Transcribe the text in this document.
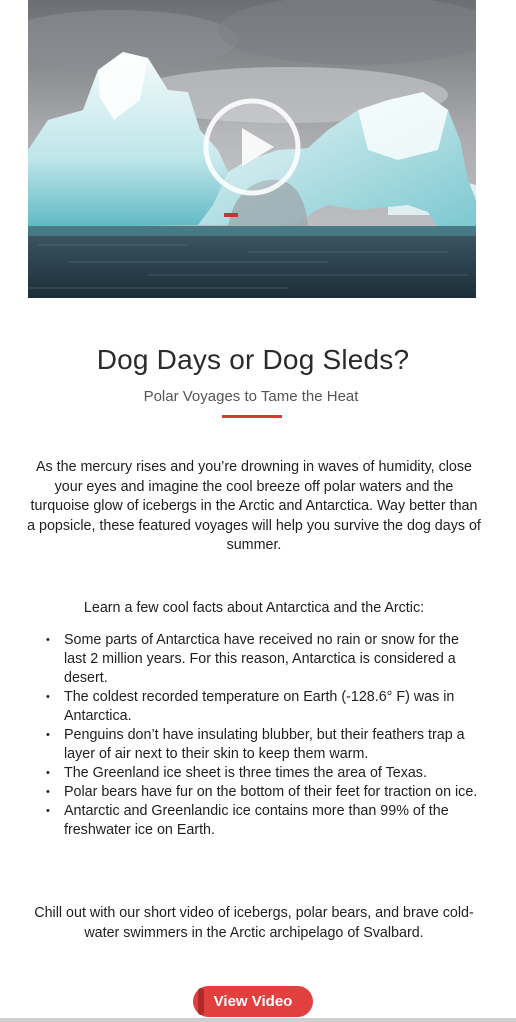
Dog Days or Dog Sleds?
Polar Voyages to Tame the Heat
As the mercury rises and you’re drowning in waves of humidity, close your eyes and imagine the cool breeze off polar waters and the turquoise glow of icebergs in the Arctic and Antarctica. Way better than a popsicle, these featured voyages will help you survive the dog days of summer.
Learn a few cool facts about Antarctica and the Arctic:
• Some parts of Antarctica have received no rain or snow for the last 2 million years. For this reason, Antarctica is considered a desert.
• The coldest recorded temperature on Earth (-128.6° F) was in Antarctica.
• Penguins don’t have insulating blubber, but their feathers trap a layer of air next to their skin to keep them warm.
• The Greenland ice sheet is three times the area of Texas.
• Polar bears have fur on the bottom of their feet for traction on ice.
• Antarctic and Greenlandic ice contains more than 99% of the freshwater ice on Earth.
Chill out with our short video of icebergs, polar bears, and brave cold-water swimmers in the Arctic archipelago of Svalbard.
View Video
